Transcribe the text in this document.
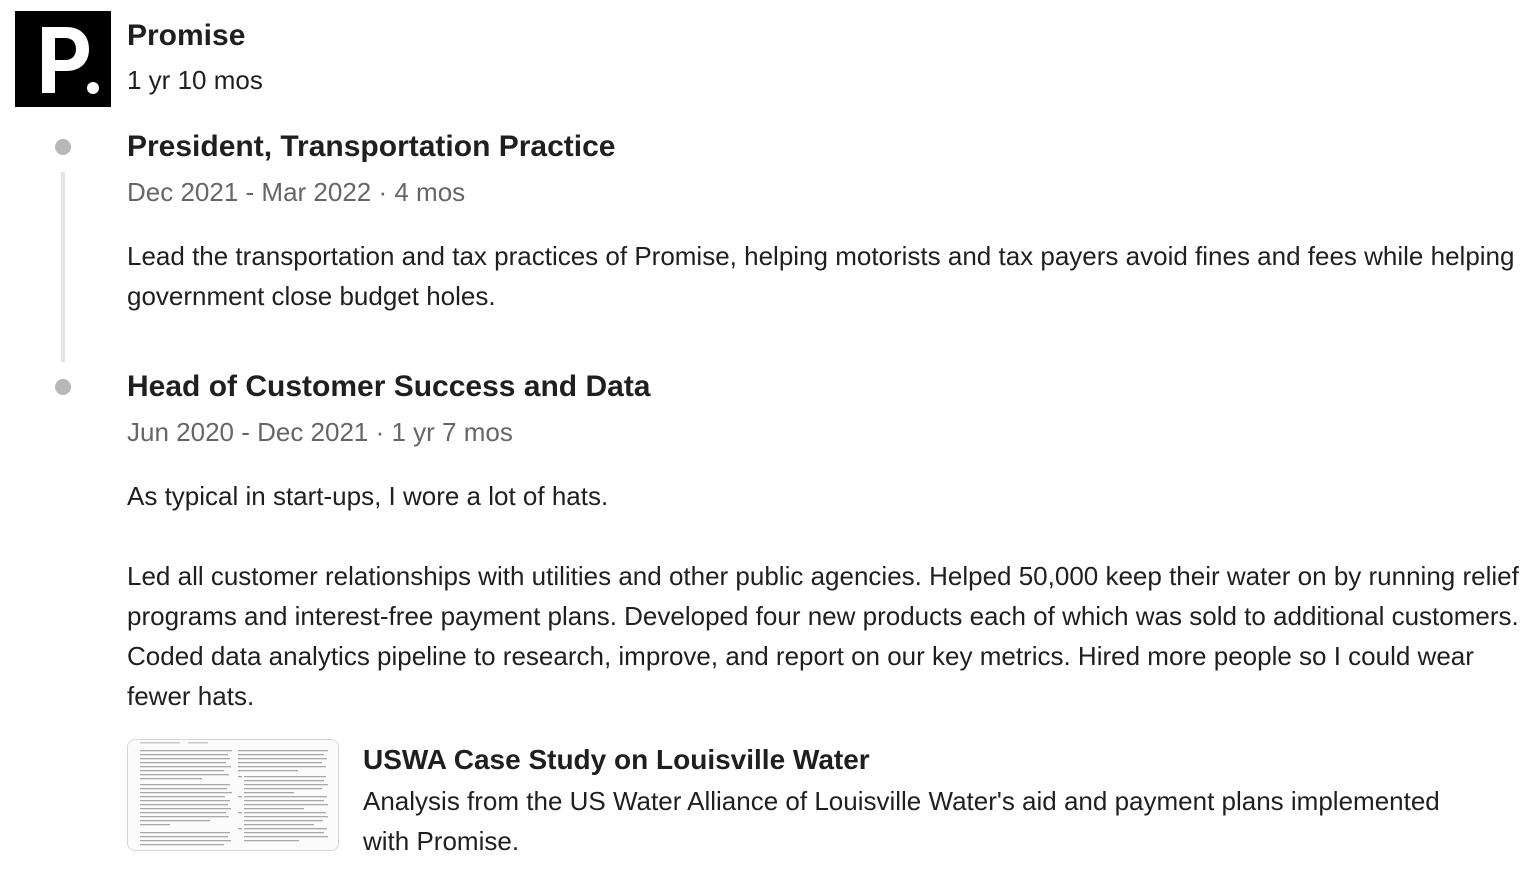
Promise
1 yr 10 mos
President, Transportation Practice
Dec 2021 - Mar 2022 · 4 mos

Lead the transportation and tax practices of Promise, helping motorists and tax payers avoid fines and fees while helping government close budget holes.

Head of Customer Success and Data
Jun 2020 - Dec 2021 · 1 yr 7 mos

As typical in start-ups, I wore a lot of hats.

Led all customer relationships with utilities and other public agencies. Helped 50,000 keep their water on by running relief programs and interest-free payment plans. Developed four new products each of which was sold to additional customers. Coded data analytics pipeline to research, improve, and report on our key metrics. Hired more people so I could wear fewer hats.

USWA Case Study on Louisville Water
Analysis from the US Water Alliance of Louisville Water's aid and payment plans implemented with Promise.
